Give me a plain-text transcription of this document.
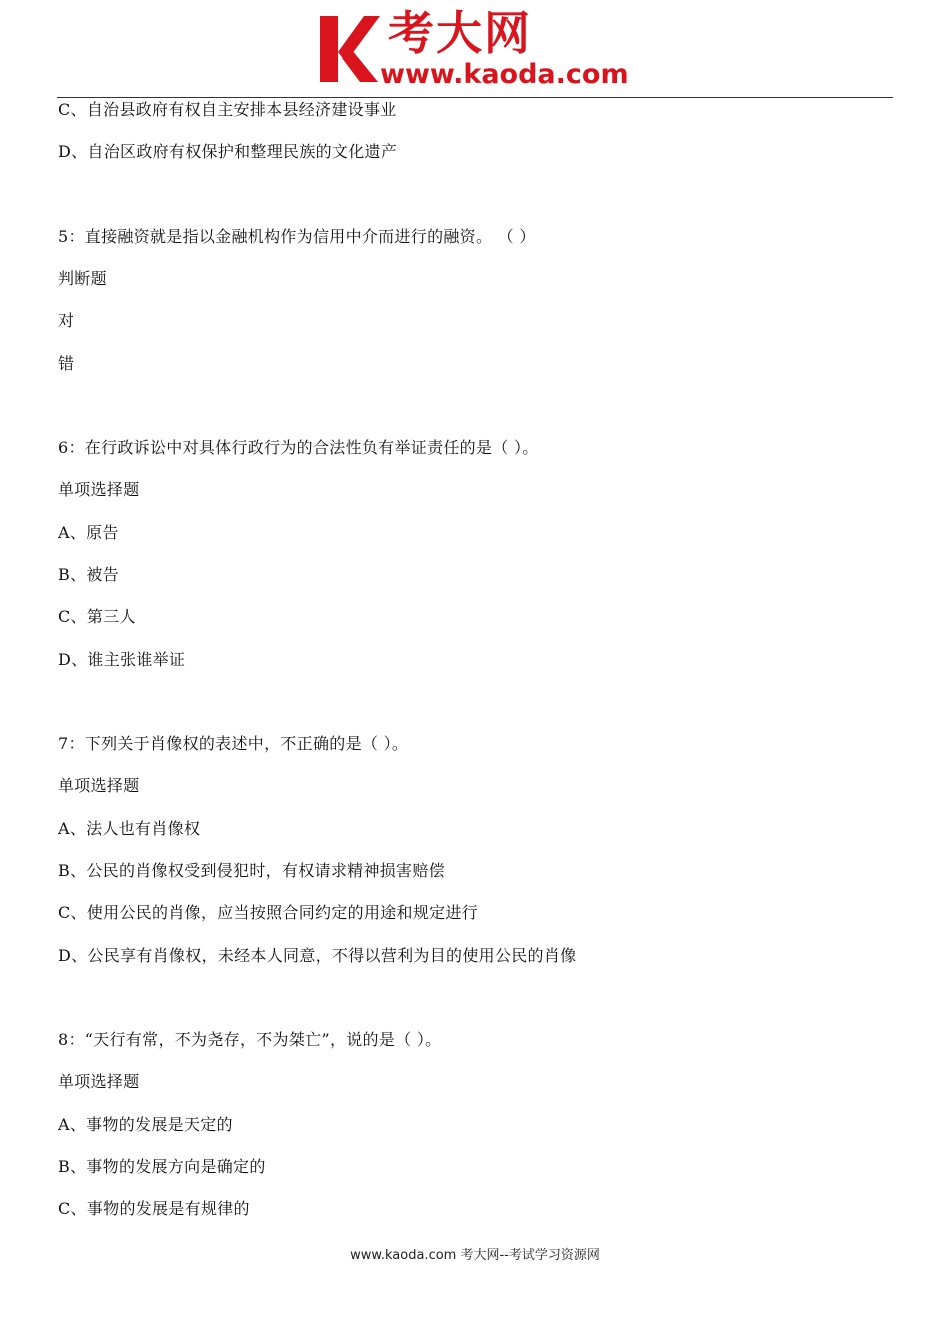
考大网
www.kaoda.com
C、自治县政府有权自主安排本县经济建设事业
D、自治区政府有权保护和整理民族的文化遗产
5：直接融资就是指以金融机构作为信用中介而进行的融资。 （ ）
判断题
对
错
6：在行政诉讼中对具体行政行为的合法性负有举证责任的是（ ）。
单项选择题
A、原告
B、被告
C、第三人
D、谁主张谁举证
7：下列关于肖像权的表述中，不正确的是（ ）。
单项选择题
A、法人也有肖像权
B、公民的肖像权受到侵犯时，有权请求精神损害赔偿
C、使用公民的肖像，应当按照合同约定的用途和规定进行
D、公民享有肖像权，未经本人同意，不得以营利为目的使用公民的肖像
8：“天行有常，不为尧存，不为桀亡”，说的是（ ）。
单项选择题
A、事物的发展是天定的
B、事物的发展方向是确定的
C、事物的发展是有规律的
www.kaoda.com 考大网--考试学习资源网
